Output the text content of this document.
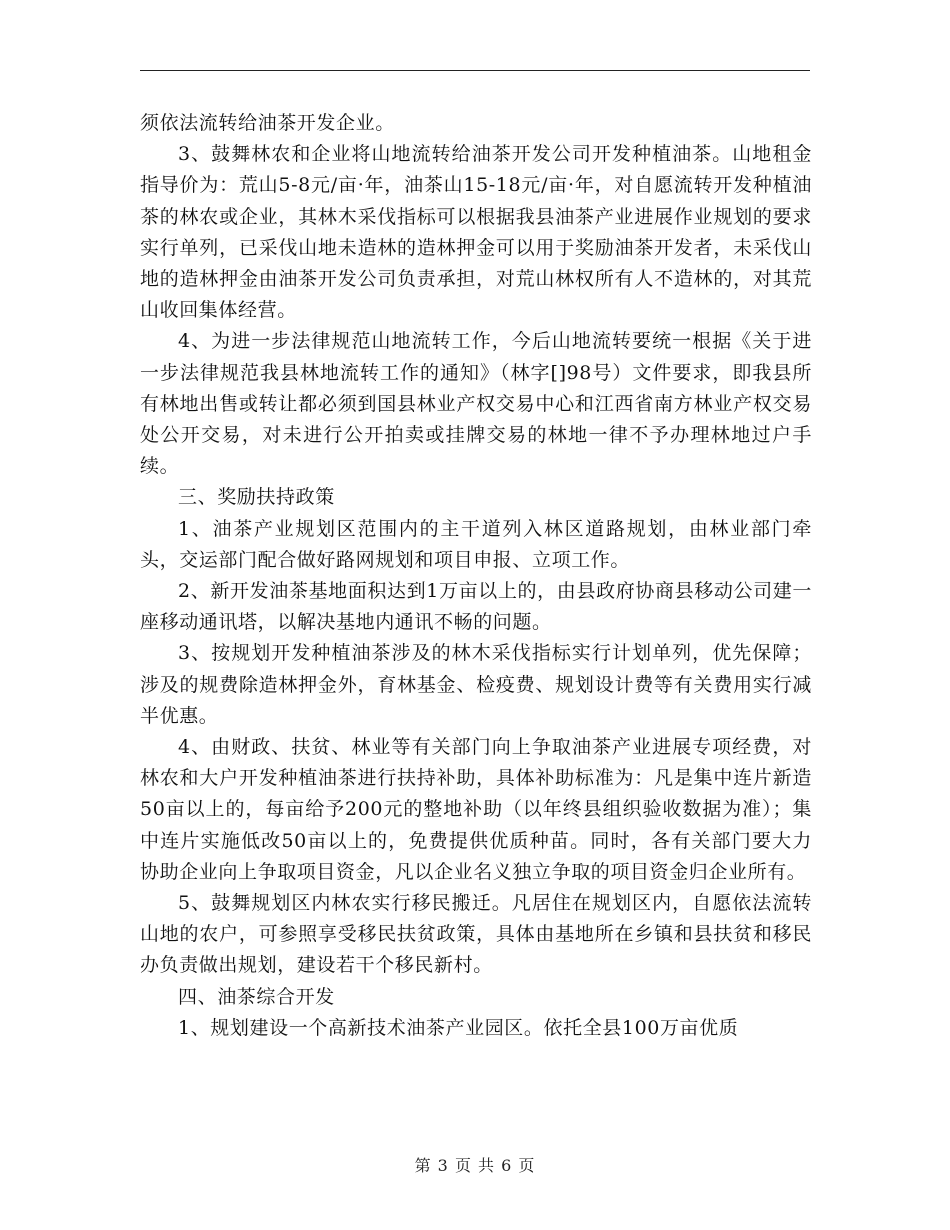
须依法流转给油茶开发企业。

3、鼓舞林农和企业将山地流转给油茶开发公司开发种植油茶。山地租金指导价为：荒山5-8元/亩·年，油茶山15-18元/亩·年，对自愿流转开发种植油茶的林农或企业，其林木采伐指标可以根据我县油茶产业进展作业规划的要求实行单列，已采伐山地未造林的造林押金可以用于奖励油茶开发者，未采伐山地的造林押金由油茶开发公司负责承担，对荒山林权所有人不造林的，对其荒山收回集体经营。

4、为进一步法律规范山地流转工作，今后山地流转要统一根据《关于进一步法律规范我县林地流转工作的通知》（林字[]98号）文件要求，即我县所有林地出售或转让都必须到国县林业产权交易中心和江西省南方林业产权交易处公开交易，对未进行公开拍卖或挂牌交易的林地一律不予办理林地过户手续。

三、奖励扶持政策

1、油茶产业规划区范围内的主干道列入林区道路规划，由林业部门牵头，交运部门配合做好路网规划和项目申报、立项工作。

2、新开发油茶基地面积达到1万亩以上的，由县政府协商县移动公司建一座移动通讯塔，以解决基地内通讯不畅的问题。

3、按规划开发种植油茶涉及的林木采伐指标实行计划单列，优先保障；涉及的规费除造林押金外，育林基金、检疫费、规划设计费等有关费用实行减半优惠。

4、由财政、扶贫、林业等有关部门向上争取油茶产业进展专项经费，对林农和大户开发种植油茶进行扶持补助，具体补助标准为：凡是集中连片新造50亩以上的，每亩给予200元的整地补助（以年终县组织验收数据为准）；集中连片实施低改50亩以上的，免费提供优质种苗。同时，各有关部门要大力协助企业向上争取项目资金，凡以企业名义独立争取的项目资金归企业所有。

5、鼓舞规划区内林农实行移民搬迁。凡居住在规划区内，自愿依法流转山地的农户，可参照享受移民扶贫政策，具体由基地所在乡镇和县扶贫和移民办负责做出规划，建设若干个移民新村。

四、油茶综合开发

1、规划建设一个高新技术油茶产业园区。依托全县100万亩优质

第 3 页 共 6 页
